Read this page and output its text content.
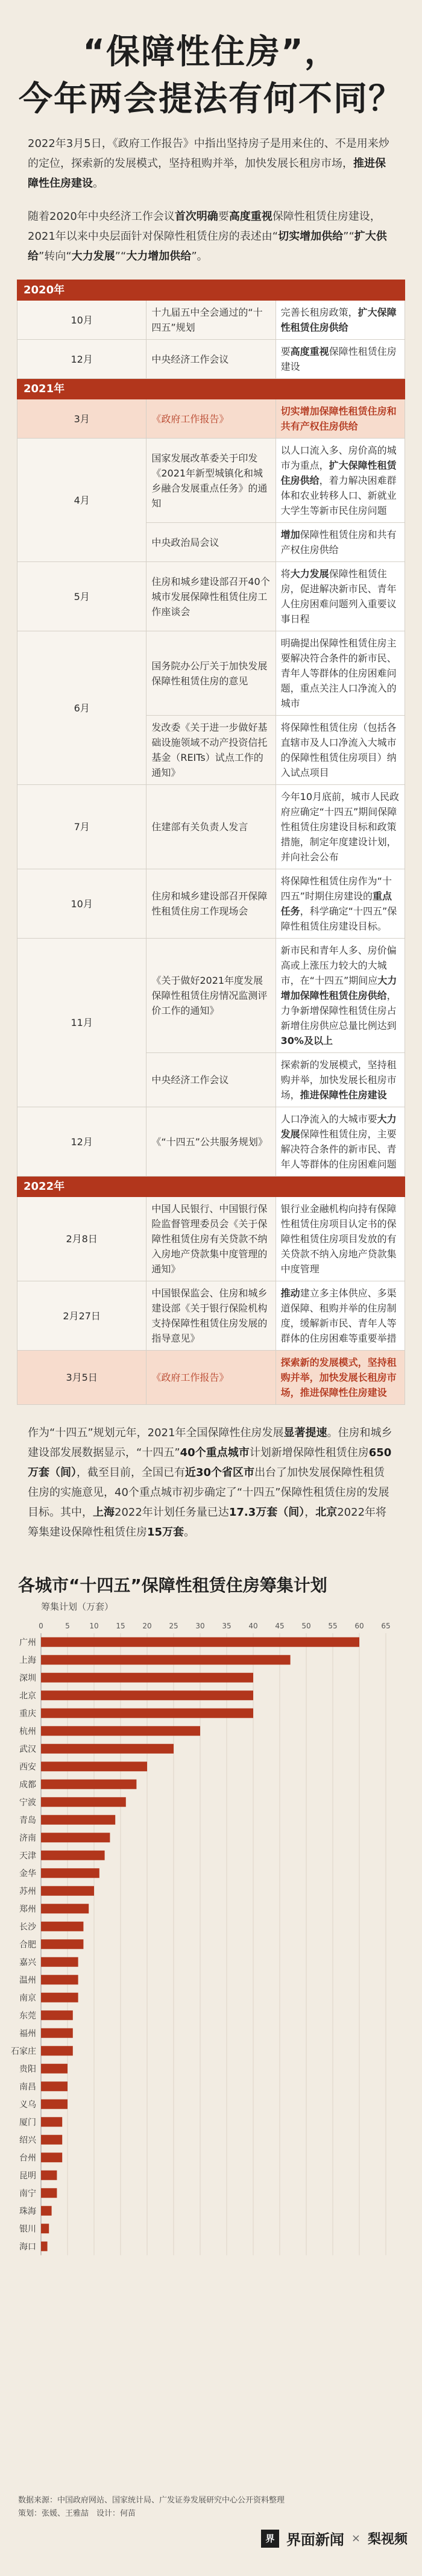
“保障性住房”，
今年两会提法有何不同？
2022年3月5日，《政府工作报告》中指出坚持房子是用来住的、不是用来炒的定位，探索新的发展模式，坚持租购并举，加快发展长租房市场，推进保障性住房建设。
随着2020年中央经济工作会议首次明确要高度重视保障性租赁住房建设，2021年以来中央层面针对保障性租赁住房的表述由“切实增加供给”“扩大供给”转向“大力发展”“大力增加供给”。
2020年		
10月	十九届五中全会通过的“十四五”规划	完善长租房政策，扩大保障性租赁住房供给
12月	中央经济工作会议	要高度重视保障性租赁住房建设
2021年		
3月	《政府工作报告》	切实增加保障性租赁住房和共有产权住房供给
4月	国家发展改革委关于印发《2021年新型城镇化和城乡融合发展重点任务》的通知	以人口流入多、房价高的城市为重点，扩大保障性租赁住房供给，着力解决困难群体和农业转移人口、新就业大学生等新市民住房问题
	中央政治局会议	增加保障性租赁住房和共有产权住房供给
5月	住房和城乡建设部召开40个城市发展保障性租赁住房工作座谈会	将大力发展保障性租赁住房，促进解决新市民、青年人住房困难问题列入重要议事日程
6月	国务院办公厅关于加快发展保障性租赁住房的意见	明确提出保障性租赁住房主要解决符合条件的新市民、青年人等群体的住房困难问题，重点关注人口净流入的城市
	发改委《关于进一步做好基础设施领域不动产投资信托基金（REITs）试点工作的通知》	将保障性租赁住房（包括各直辖市及人口净流入大城市的保障性租赁住房项目）纳入试点项目
7月	住建部有关负责人发言	今年10月底前，城市人民政府应确定“十四五”期间保障性租赁住房建设目标和政策措施，制定年度建设计划，并向社会公布
10月	住房和城乡建设部召开保障性租赁住房工作现场会	将保障性租赁住房作为“十四五”时期住房建设的重点任务，科学确定“十四五”保障性租赁住房建设目标。
11月	《关于做好2021年度发展保障性租赁住房情况监测评价工作的通知》	新市民和青年人多、房价偏高或上涨压力较大的大城市，在“十四五”期间应大力增加保障性租赁住房供给，力争新增保障性租赁住房占新增住房供应总量比例达到30%及以上
	中央经济工作会议	探索新的发展模式，坚持租购并举，加快发展长租房市场，推进保障性住房建设
12月	《“十四五”公共服务规划》	人口净流入的大城市要大力发展保障性租赁住房，主要解决符合条件的新市民、青年人等群体的住房困难问题
2022年		
2月8日	中国人民银行、中国银行保险监督管理委员会《关于保障性租赁住房有关贷款不纳入房地产贷款集中度管理的通知》	银行业金融机构向持有保障性租赁住房项目认定书的保障性租赁住房项目发放的有关贷款不纳入房地产贷款集中度管理
2月27日	中国银保监会、住房和城乡建设部《关于银行保险机构支持保障性租赁住房发展的指导意见》	推动建立多主体供应、多渠道保障、租购并举的住房制度，缓解新市民、青年人等群体的住房困难等重要举措
3月5日	《政府工作报告》	探索新的发展模式，坚持租购并举，加快发展长租房市场，推进保障性住房建设
作为“十四五”规划元年，2021年全国保障性住房发展显著提速。住房和城乡建设部发展数据显示，“十四五”40个重点城市计划新增保障性租赁住房650万套（间），截至目前，全国已有近30个省区市出台了加快发展保障性租赁住房的实施意见，40个重点城市初步确定了“十四五”保障性租赁住房的发展目标。其中，上海2022年计划任务量已达17.3万套（间），北京2022年将筹集建设保障性租赁住房15万套。
各城市“十四五”保障性租赁住房筹集计划
筹集计划（万套）
0	5	10 15 20 25 30 35 40 45 50 55 60 65
广州
上海
深圳
北京
重庆
杭州
武汉
西安
成都
宁波
青岛
济南
天津
金华
苏州
郑州
长沙
合肥
嘉兴
温州
南京
东莞
福州
石家庄
贵阳
南昌
义乌
厦门
绍兴
台州
昆明
南宁
珠海
银川
海口
数据来源：中国政府网站、国家统计局、广发证券发展研究中心公开资料整理
策划：张媛、王雅喆　设计：何苗
界 界面新闻 × 梨视频
